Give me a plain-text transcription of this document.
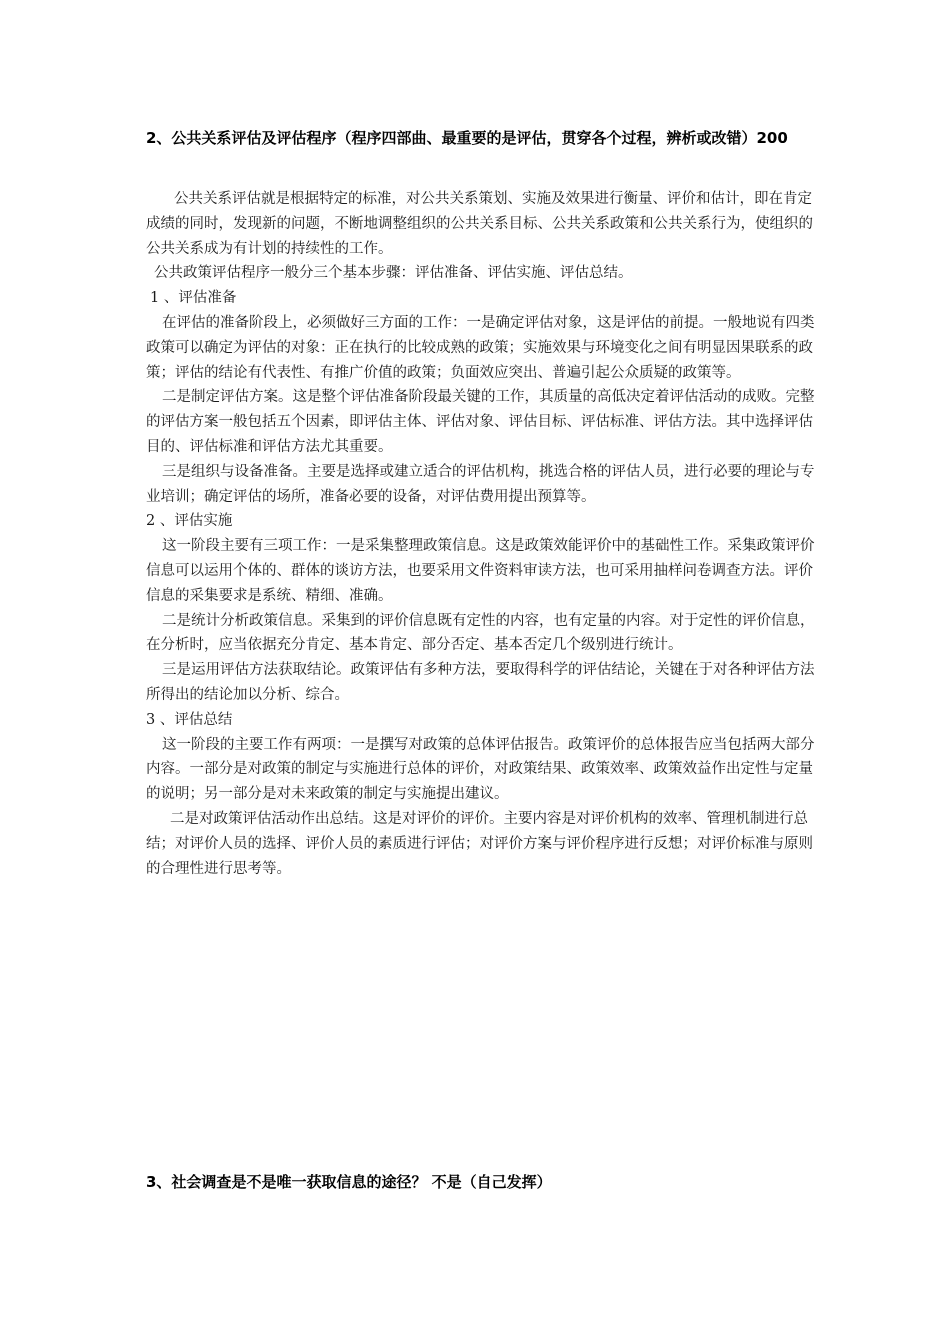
2、公共关系评估及评估程序（程序四部曲、最重要的是评估，贯穿各个过程，辨析或改错）200

公共关系评估就是根据特定的标准，对公共关系策划、实施及效果进行衡量、评价和估计，即在肯定成绩的同时，发现新的问题，不断地调整组织的公共关系目标、公共关系政策和公共关系行为，使组织的公共关系成为有计划的持续性的工作。

公共政策评估程序一般分三个基本步骤：评估准备、评估实施、评估总结。

1 、评估准备

在评估的准备阶段上，必须做好三方面的工作：一是确定评估对象，这是评估的前提。一般地说有四类政策可以确定为评估的对象：正在执行的比较成熟的政策；实施效果与环境变化之间有明显因果联系的政策；评估的结论有代表性、有推广价值的政策；负面效应突出、普遍引起公众质疑的政策等。

二是制定评估方案。这是整个评估准备阶段最关键的工作，其质量的高低决定着评估活动的成败。完整的评估方案一般包括五个因素，即评估主体、评估对象、评估目标、评估标准、评估方法。其中选择评估目的、评估标准和评估方法尤其重要。

三是组织与设备准备。主要是选择或建立适合的评估机构，挑选合格的评估人员，进行必要的理论与专业培训；确定评估的场所，准备必要的设备，对评估费用提出预算等。

2 、评估实施

这一阶段主要有三项工作：一是采集整理政策信息。这是政策效能评价中的基础性工作。采集政策评价信息可以运用个体的、群体的谈访方法，也要采用文件资料审读方法，也可采用抽样问卷调查方法。评价信息的采集要求是系统、精细、准确。

二是统计分析政策信息。采集到的评价信息既有定性的内容，也有定量的内容。对于定性的评价信息，在分析时，应当依据充分肯定、基本肯定、部分否定、基本否定几个级别进行统计。

三是运用评估方法获取结论。政策评估有多种方法，要取得科学的评估结论，关键在于对各种评估方法所得出的结论加以分析、综合。

3 、评估总结

这一阶段的主要工作有两项：一是撰写对政策的总体评估报告。政策评价的总体报告应当包括两大部分内容。一部分是对政策的制定与实施进行总体的评价，对政策结果、政策效率、政策效益作出定性与定量的说明；另一部分是对未来政策的制定与实施提出建议。

二是对政策评估活动作出总结。这是对评价的评价。主要内容是对评价机构的效率、管理机制进行总结；对评价人员的选择、评价人员的素质进行评估；对评价方案与评价程序进行反想；对评价标准与原则的合理性进行思考等。

3、社会调查是不是唯一获取信息的途径？ 不是（自己发挥）
